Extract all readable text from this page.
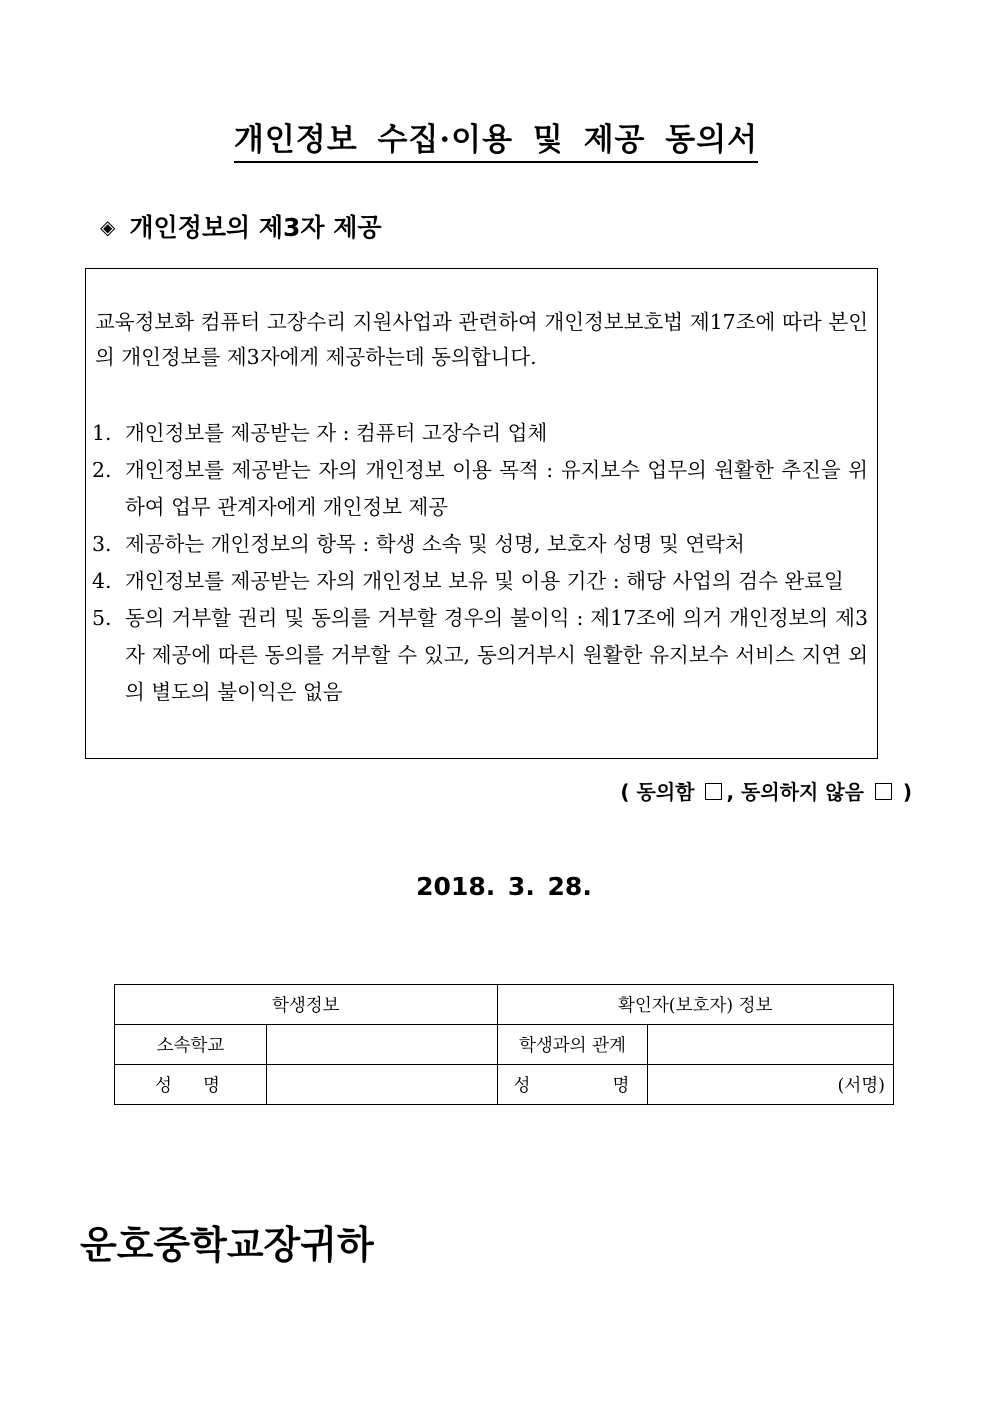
개인정보 수집·이용 및 제공 동의서
◈ 개인정보의 제3자 제공

교육정보화 컴퓨터 고장수리 지원사업과 관련하여 개인정보보호법 제17조에 따라 본인의 개인정보를 제3자에게 제공하는데 동의합니다.

1. 개인정보를 제공받는 자 : 컴퓨터 고장수리 업체
2. 개인정보를 제공받는 자의 개인정보 이용 목적 : 유지보수 업무의 원활한 추진을 위하여 업무 관계자에게 개인정보 제공
3. 제공하는 개인정보의 항목 : 학생 소속 및 성명, 보호자 성명 및 연락처
4. 개인정보를 제공받는 자의 개인정보 보유 및 이용 기간 : 해당 사업의 검수 완료일
5. 동의 거부할 권리 및 동의를 거부할 경우의 불이익 : 제17조에 의거 개인정보의 제3자 제공에 따른 동의를 거부할 수 있고, 동의거부시 원활한 유지보수 서비스 지연 외의 별도의 불이익은 없음
( 동의함 , 동의하지 않음 )
2018. 3. 28.
학생정보		확인자(보호자) 정보	
소속학교		학생과의 관계	

성 명		성 명	(서명)
운호중학교장귀하
